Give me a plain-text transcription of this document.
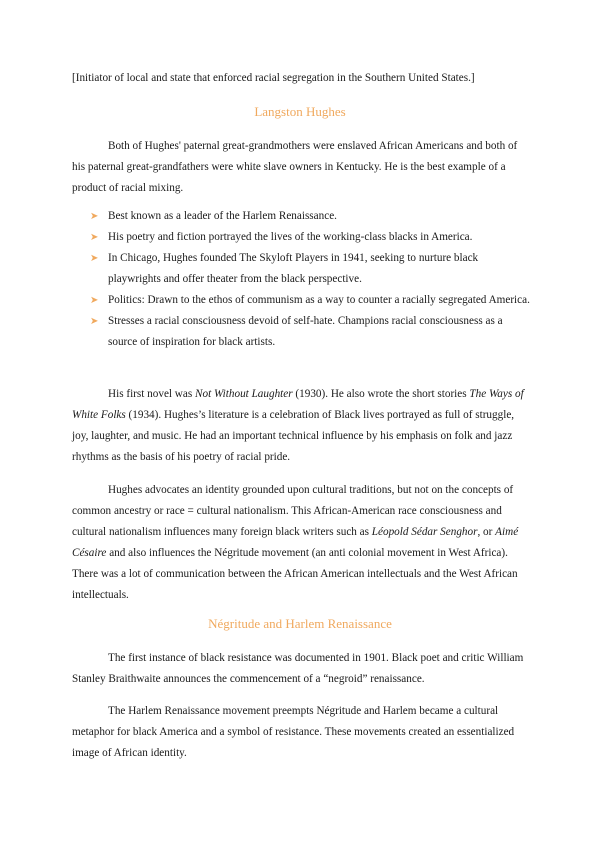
[Initiator of local and state that enforced racial segregation in the Southern United States.]
Langston Hughes
Both of Hughes' paternal great-grandmothers were enslaved African Americans and both of his paternal great-grandfathers were white slave owners in Kentucky. He is the best example of a product of racial mixing.
➤ Best known as a leader of the Harlem Renaissance.
➤ His poetry and fiction portrayed the lives of the working-class blacks in America.
➤ In Chicago, Hughes founded The Skyloft Players in 1941, seeking to nurture black playwrights and offer theater from the black perspective.
➤ Politics: Drawn to the ethos of communism as a way to counter a racially segregated America.
➤ Stresses a racial consciousness devoid of self-hate. Champions racial consciousness as a source of inspiration for black artists.
His first novel was Not Without Laughter (1930). He also wrote the short stories The Ways of White Folks (1934). Hughes’s literature is a celebration of Black lives portrayed as full of struggle, joy, laughter, and music. He had an important technical influence by his emphasis on folk and jazz rhythms as the basis of his poetry of racial pride.
Hughes advocates an identity grounded upon cultural traditions, but not on the concepts of common ancestry or race = cultural nationalism. This African-American race consciousness and cultural nationalism influences many foreign black writers such as Léopold Sédar Senghor, or Aimé Césaire and also influences the Négritude movement (an anti colonial movement in West Africa). There was a lot of communication between the African American intellectuals and the West African intellectuals.
Négritude and Harlem Renaissance
The first instance of black resistance was documented in 1901. Black poet and critic William Stanley Braithwaite announces the commencement of a “negroid” renaissance.
The Harlem Renaissance movement preempts Négritude and Harlem became a cultural metaphor for black America and a symbol of resistance. These movements created an essentialized image of African identity.
